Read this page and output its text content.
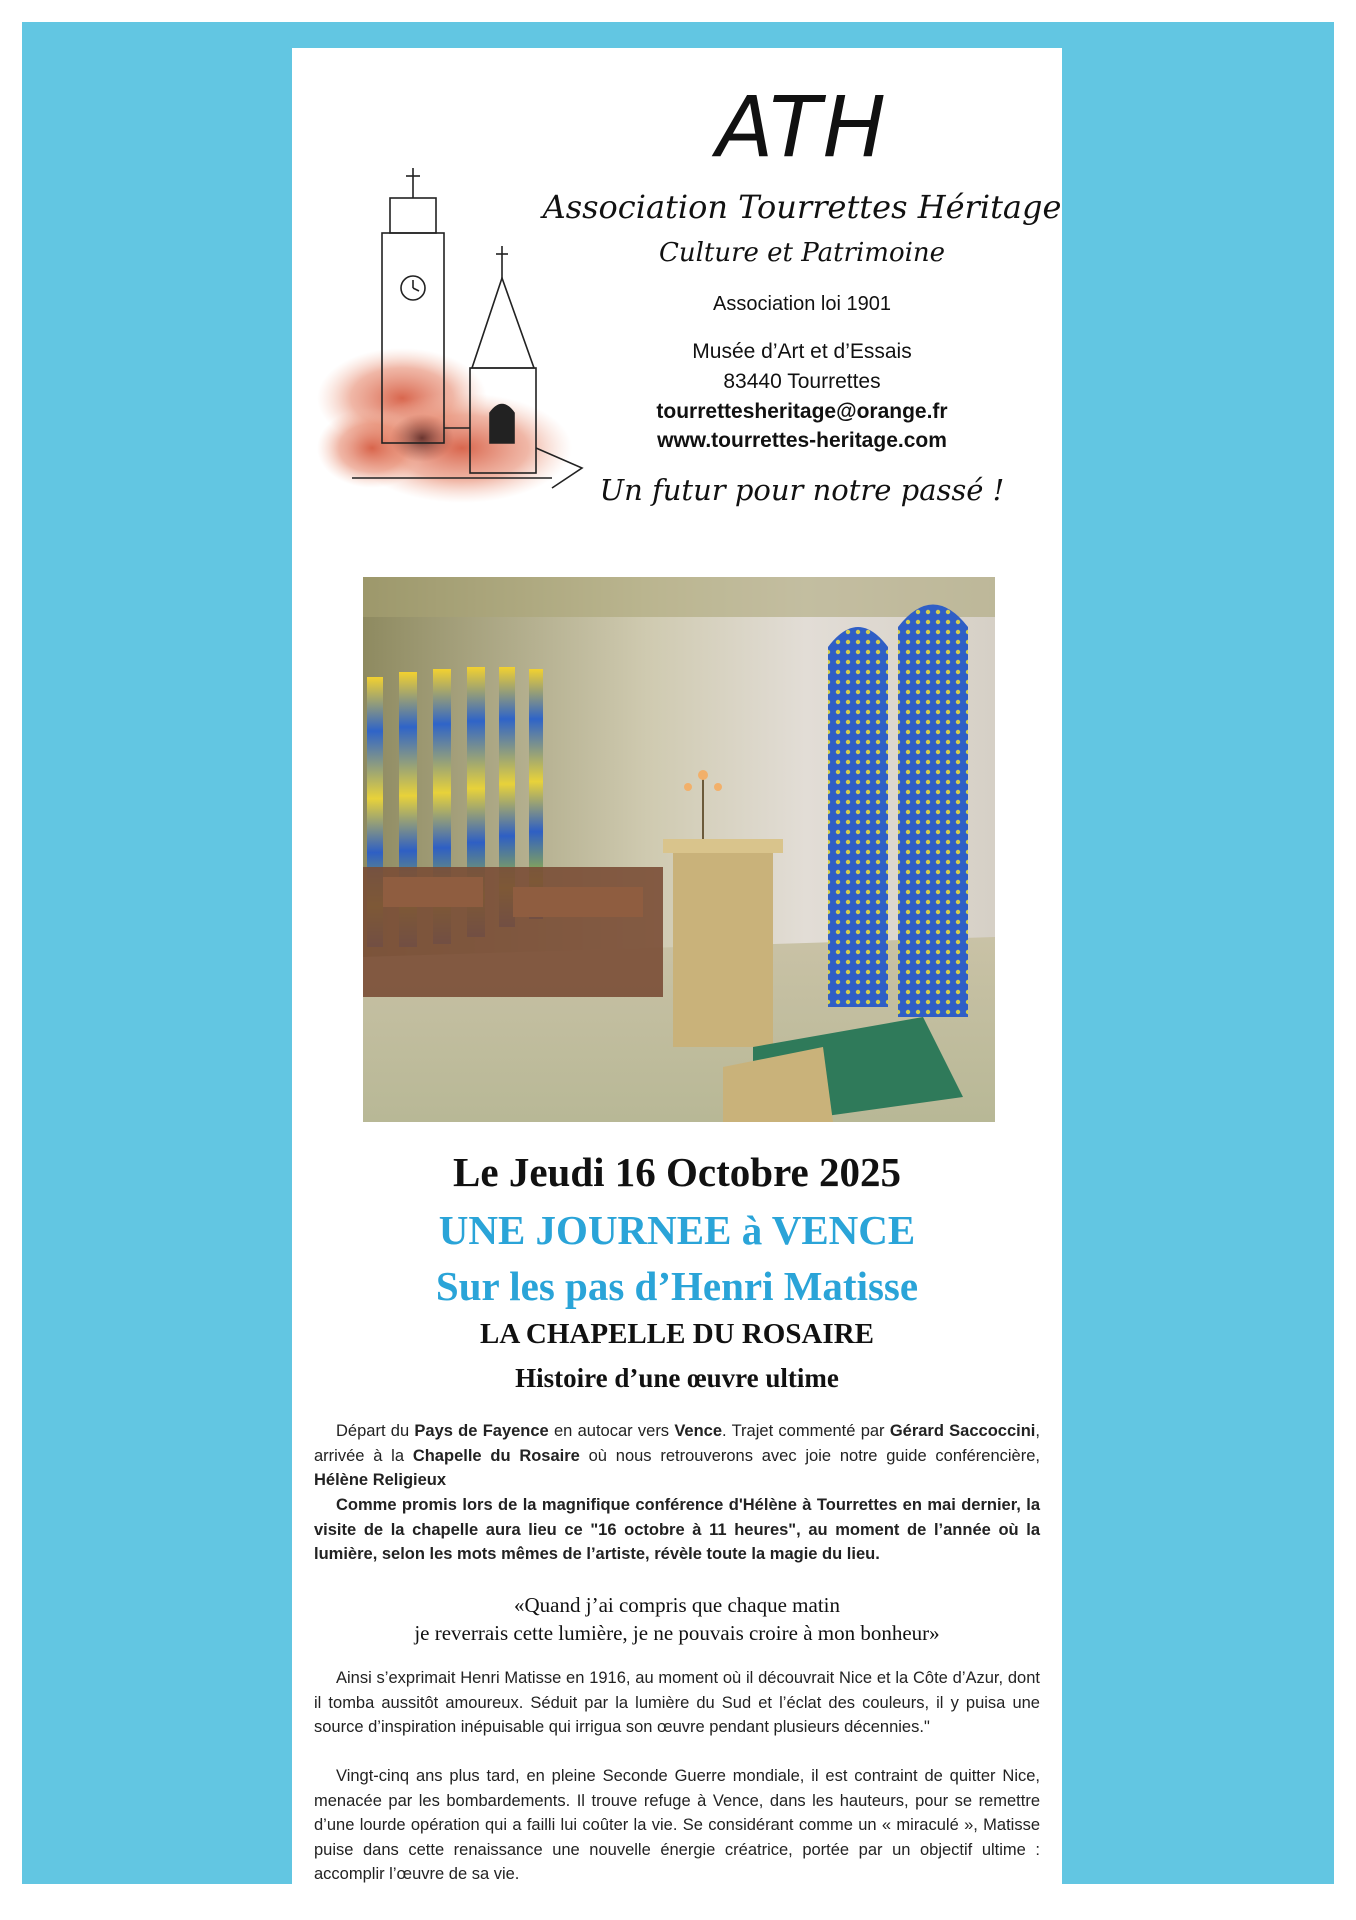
ATH
Association Tourrettes Héritage
Culture et Patrimoine
Association loi 1901
Musée d’Art et d’Essais
83440 Tourrettes
tourrettesheritage@orange.fr
www.tourrettes-heritage.com
Un futur pour notre passé !
Le Jeudi 16 Octobre 2025
UNE JOURNEE à VENCE
Sur les pas d’Henri Matisse
LA CHAPELLE DU ROSAIRE
Histoire d’une œuvre ultime

Départ du Pays de Fayence en autocar vers Vence. Trajet commenté par Gérard Saccoccini, arrivée à la Chapelle du Rosaire où nous retrouverons avec joie notre guide conférencière, Hélène Religieux

Comme promis lors de la magnifique conférence d'Hélène à Tourrettes en mai dernier, la visite de la chapelle aura lieu ce "16 octobre à 11 heures", au moment de l’année où la lumière, selon les mots mêmes de l’artiste, révèle toute la magie du lieu.

«Quand j’ai compris que chaque matin
je reverrais cette lumière, je ne pouvais croire à mon bonheur»

Ainsi s’exprimait Henri Matisse en 1916, au moment où il découvrait Nice et la Côte d’Azur, dont il tomba aussitôt amoureux. Séduit par la lumière du Sud et l’éclat des couleurs, il y puisa une source d’inspiration inépuisable qui irrigua son œuvre pendant plusieurs décennies."

Vingt-cinq ans plus tard, en pleine Seconde Guerre mondiale, il est contraint de quitter Nice, menacée par les bombardements. Il trouve refuge à Vence, dans les hauteurs, pour se remettre d’une lourde opération qui a failli lui coûter la vie. Se considérant comme un « miraculé », Matisse puise dans cette renaissance une nouvelle énergie créatrice, portée par un objectif ultime : accomplir l’œuvre de sa vie.
